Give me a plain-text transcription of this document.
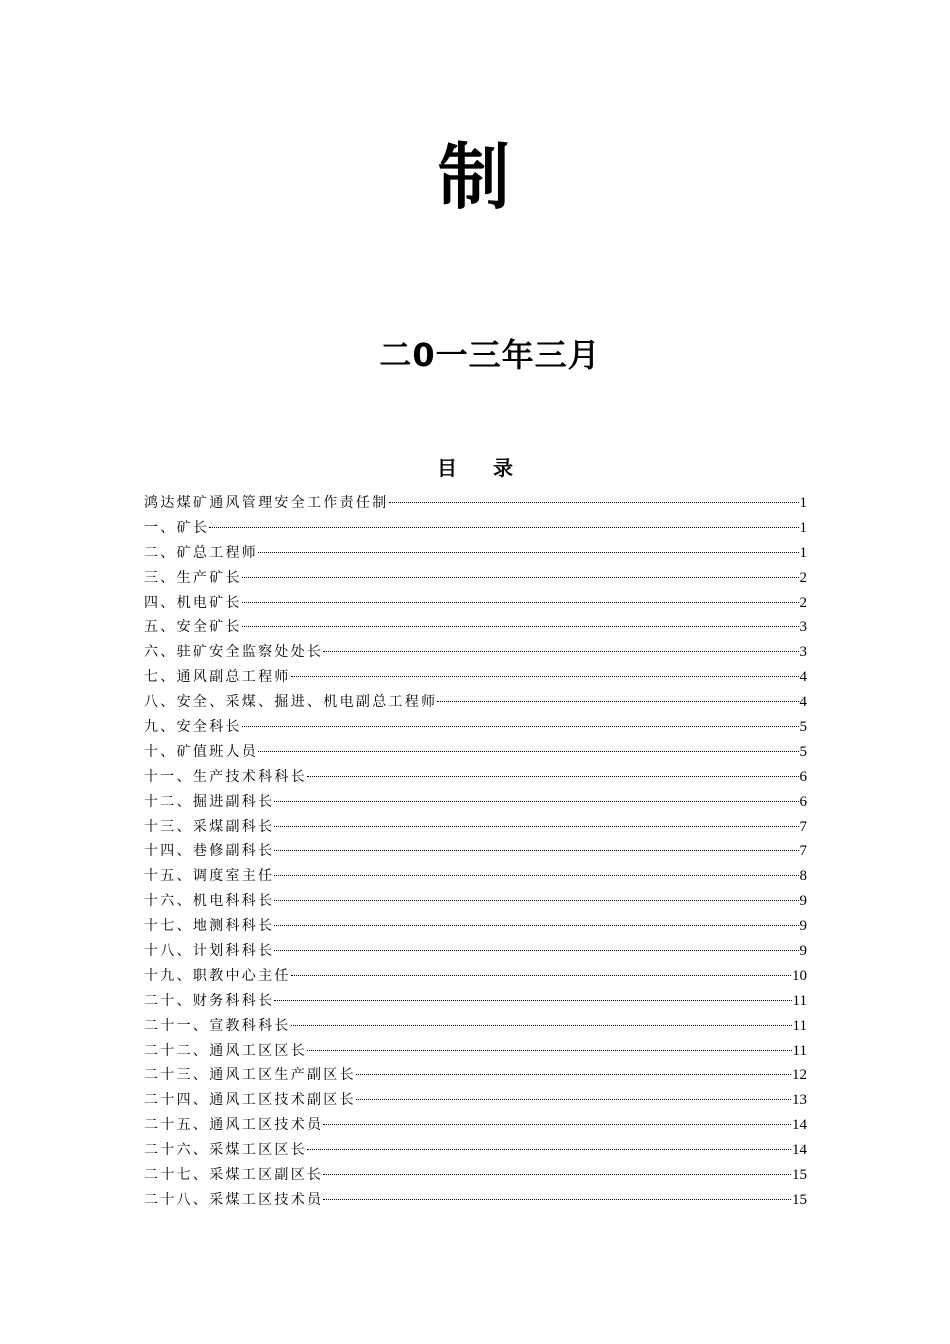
制
二0一三年三月
目录
鸿达煤矿通风管理安全工作责任制	1
一、矿长	1
二、矿总工程师	1
三、生产矿长	2
四、机电矿长	2
五、安全矿长	3
六、驻矿安全监察处处长	3
七、通风副总工程师	4
八、安全、采煤、掘进、机电副总工程师	4
九、安全科长	5
十、矿值班人员	5
十一、生产技术科科长	6
十二、掘进副科长	6
十三、采煤副科长	7
十四、巷修副科长	7
十五、调度室主任	8
十六、机电科科长	9
十七、地测科科长	9
十八、计划科科长	9
十九、职教中心主任	10
二十、财务科科长	11
二十一、宣教科科长	11
二十二、通风工区区长	11
二十三、通风工区生产副区长	12
二十四、通风工区技术副区长	13
二十五、通风工区技术员	14
二十六、采煤工区区长	14
二十七、采煤工区副区长	15
二十八、采煤工区技术员	15
